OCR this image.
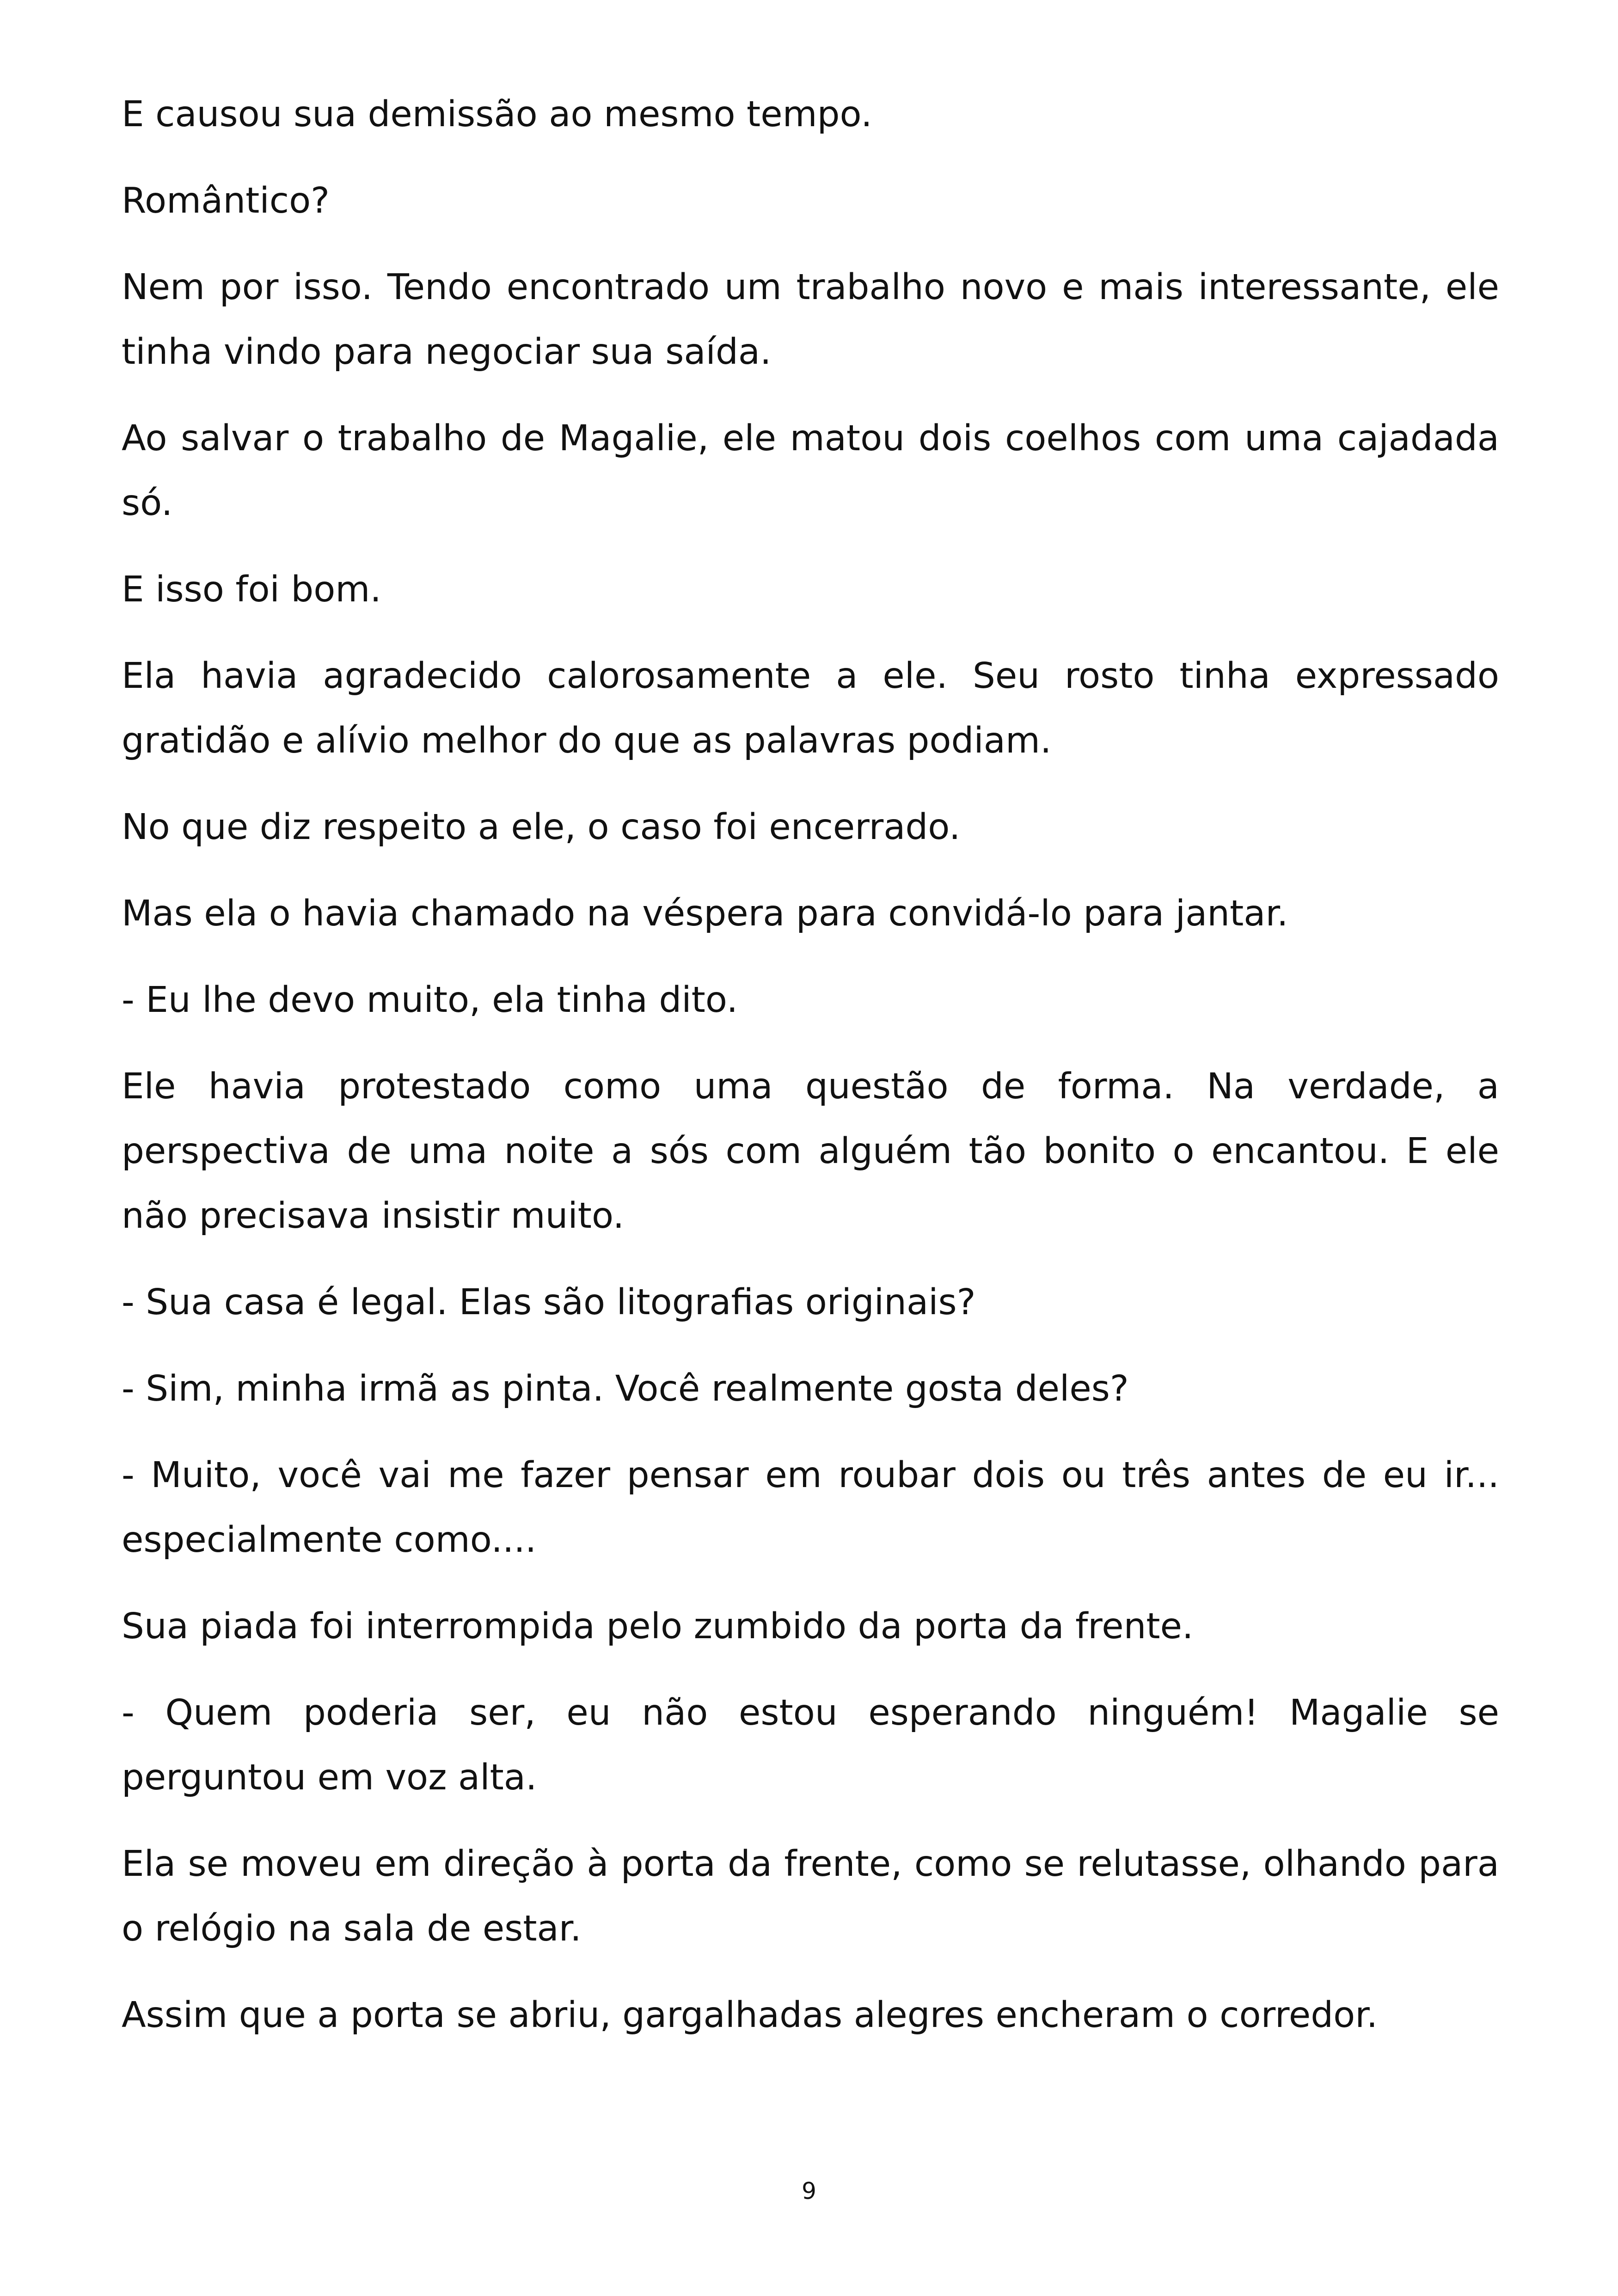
E causou sua demissão ao mesmo tempo.

Romântico?

Nem por isso. Tendo encontrado um trabalho novo e mais interessante, ele tinha vindo para negociar sua saída.

Ao salvar o trabalho de Magalie, ele matou dois coelhos com uma cajadada só.

E isso foi bom.

Ela havia agradecido calorosamente a ele. Seu rosto tinha expressado gratidão e alívio melhor do que as palavras podiam.

No que diz respeito a ele, o caso foi encerrado.

Mas ela o havia chamado na véspera para convidá-lo para jantar.

- Eu lhe devo muito, ela tinha dito.

Ele havia protestado como uma questão de forma. Na verdade, a perspectiva de uma noite a sós com alguém tão bonito o encantou. E ele não precisava insistir muito.

- Sua casa é legal. Elas são litografias originais?

- Sim, minha irmã as pinta. Você realmente gosta deles?

- Muito, você vai me fazer pensar em roubar dois ou três antes de eu ir... especialmente como....

Sua piada foi interrompida pelo zumbido da porta da frente.

- Quem poderia ser, eu não estou esperando ninguém! Magalie se perguntou em voz alta.

Ela se moveu em direção à porta da frente, como se relutasse, olhando para o relógio na sala de estar.

Assim que a porta se abriu, gargalhadas alegres encheram o corredor.

9
